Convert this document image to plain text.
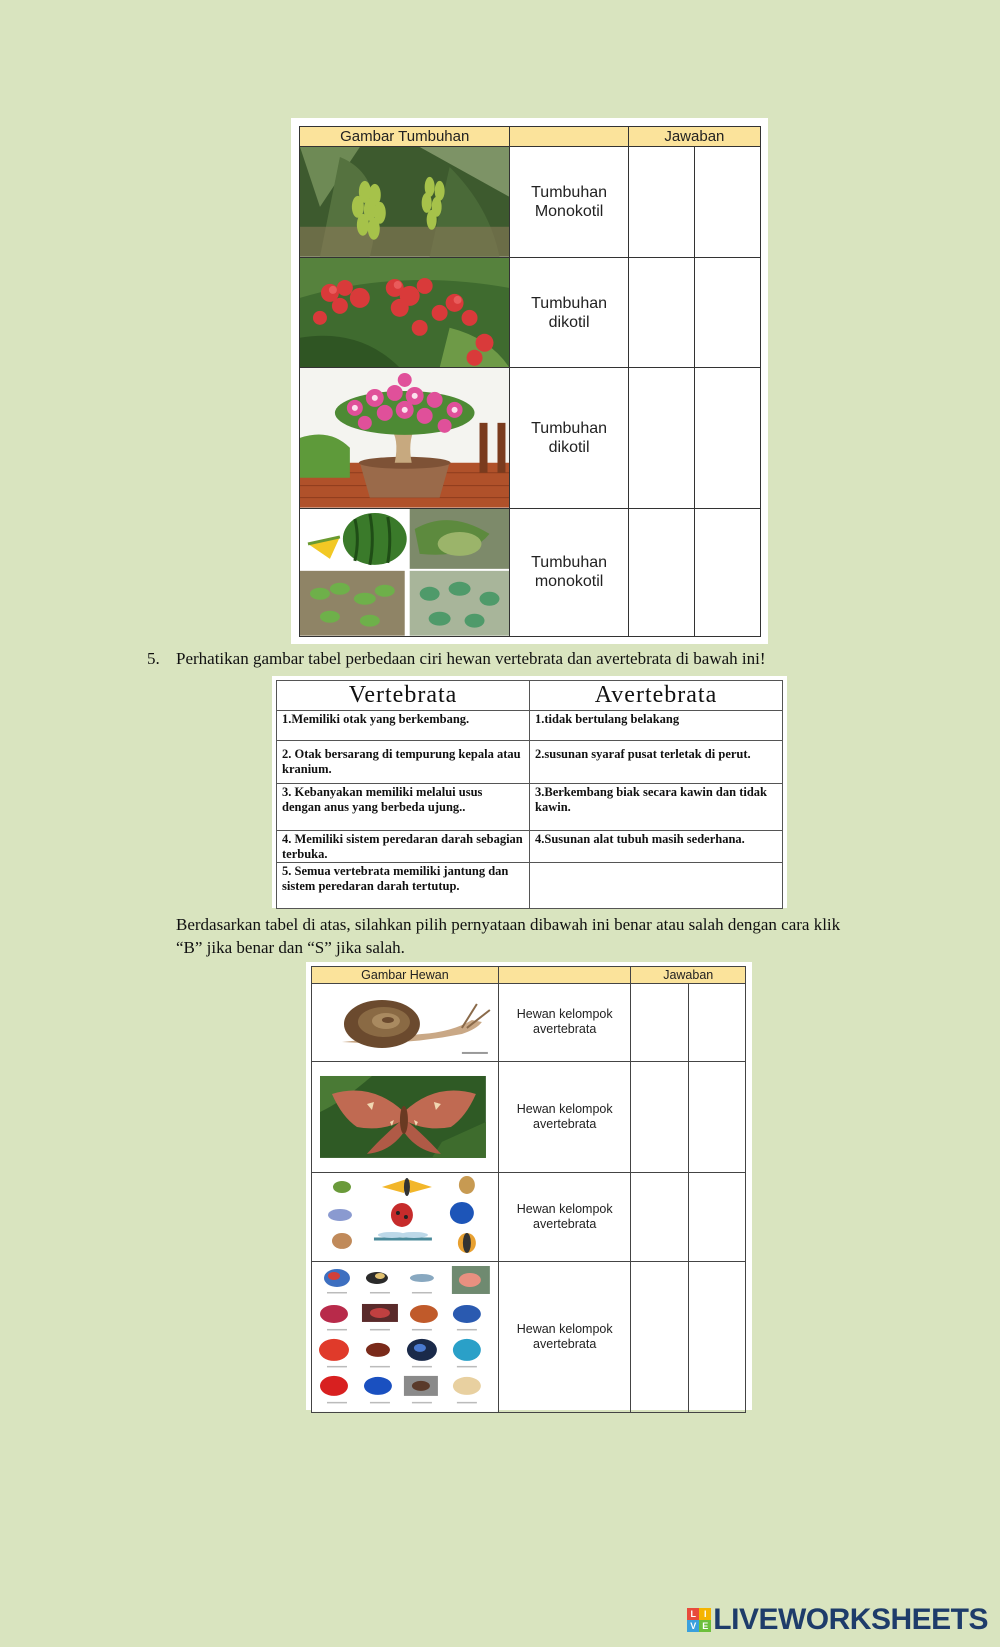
Gambar Tumbuhan		Jawaban	

Tumbuhan
Monokotil		

Tumbuhan
dikotil		

Tumbuhan
dikotil		

Tumbuhan
monokotil		

5. Perhatikan gambar tabel perbedaan ciri hewan vertebrata dan avertebrata di bawah ini!
Vertebrata	Avertebrata
1.Memiliki otak yang berkembang.	1.tidak bertulang belakang
2. Otak bersarang di tempurung kepala atau kranium.	2.susunan syaraf pusat terletak di perut.
3. Kebanyakan memiliki melalui usus dengan anus yang berbeda ujung..	3.Berkembang biak secara kawin dan tidak kawin.
4. Memiliki sistem peredaran darah sebagian terbuka.	4.Susunan alat tubuh masih sederhana.
5. Semua vertebrata memiliki jantung dan sistem peredaran darah tertutup.	
Berdasarkan tabel di atas, silahkan pilih pernyataan dibawah ini benar atau salah dengan cara klik
“B” jika benar dan “S” jika salah.
Gambar Hewan		Jawaban	

Hewan kelompok
avertebrata		

Hewan kelompok
avertebrata		

Hewan kelompok
avertebrata		

Hewan kelompok
avertebrata		

L I
V E LIVEWORKSHEETS
